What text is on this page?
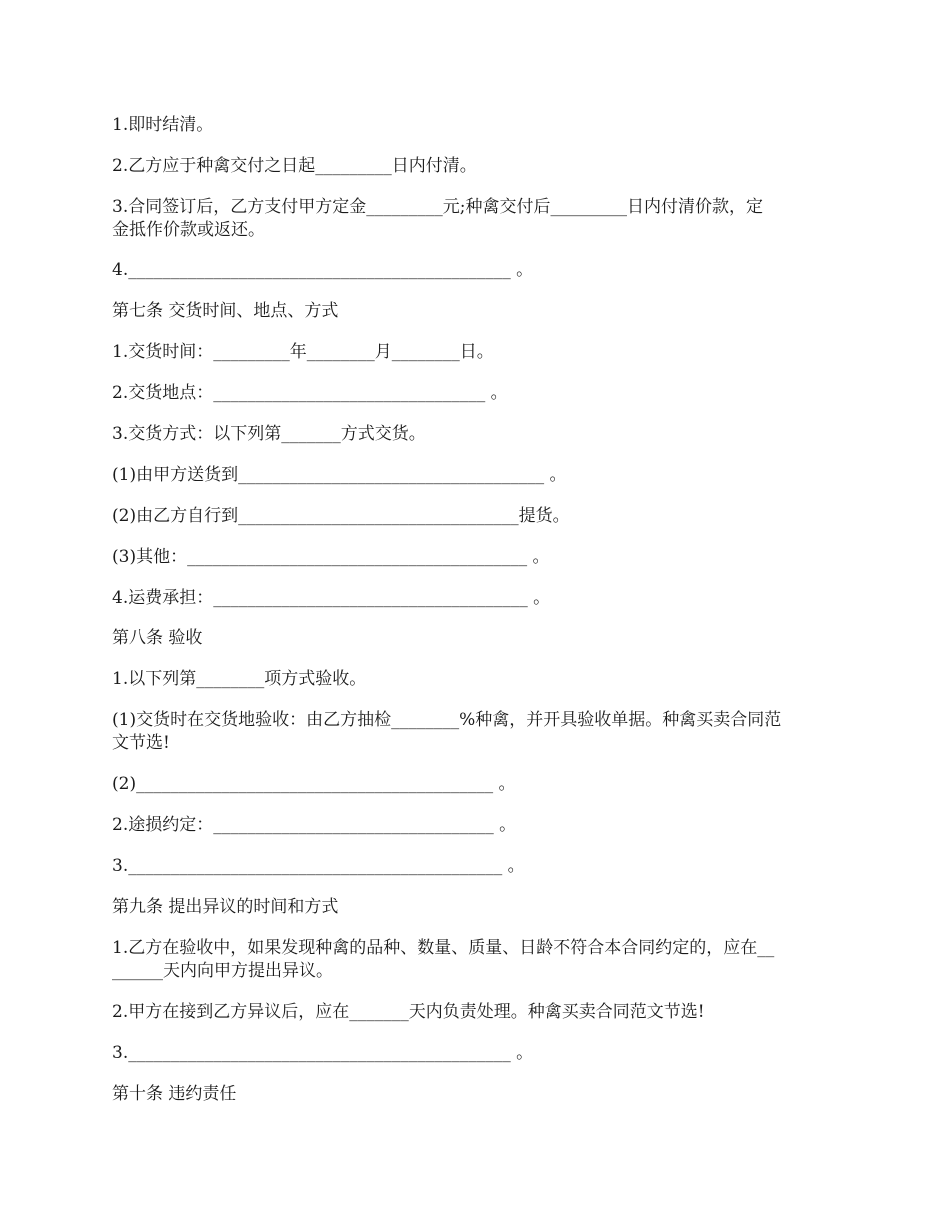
1.即时结清。
2.乙方应于种禽交付之日起_________日内付清。
3.合同签订后，乙方支付甲方定金_________元;种禽交付后_________日内付清价款，定
金抵作价款或返还。
4._____________________________________________ 。
第七条 交货时间、地点、方式
1.交货时间：_________年________月________日。
2.交货地点：________________________________ 。
3.交货方式：以下列第_______方式交货。
(1)由甲方送货到____________________________________ 。
(2)由乙方自行到_________________________________提货。
(3)其他：________________________________________ 。
4.运费承担：_____________________________________ 。
第八条 验收
1.以下列第________项方式验收。
(1)交货时在交货地验收：由乙方抽检________%种禽，并开具验收单据。种禽买卖合同范
文节选!
(2)__________________________________________ 。
2.途损约定：_________________________________ 。
3.____________________________________________ 。
第九条 提出异议的时间和方式
1.乙方在验收中，如果发现种禽的品种、数量、质量、日龄不符合本合同约定的，应在__
______天内向甲方提出异议。
2.甲方在接到乙方异议后，应在_______天内负责处理。种禽买卖合同范文节选!
3._____________________________________________ 。
第十条 违约责任
